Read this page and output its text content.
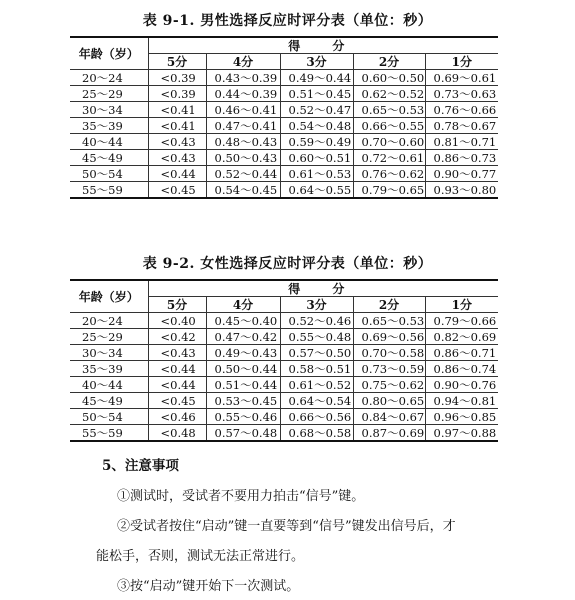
表 9-1. 男性选择反应时评分表（单位：秒）
年龄（岁）	得 分				
	5分	4分	3分	2分	1分
20～24	<0.39	0.43～0.39	0.49～0.44	0.60～0.50	0.69～0.61
25～29	<0.39	0.44～0.39	0.51～0.45	0.62～0.52	0.73～0.63
30～34	<0.41	0.46～0.41	0.52～0.47	0.65～0.53	0.76～0.66
35～39	<0.41	0.47～0.41	0.54～0.48	0.66～0.55	0.78～0.67
40～44	<0.43	0.48～0.43	0.59～0.49	0.70～0.60	0.81～0.71
45～49	<0.43	0.50～0.43	0.60～0.51	0.72～0.61	0.86～0.73
50～54	<0.44	0.52～0.44	0.61～0.53	0.76～0.62	0.90～0.77
55～59	<0.45	0.54～0.45	0.64～0.55	0.79～0.65	0.93～0.80
表 9-2. 女性选择反应时评分表（单位：秒）
年龄（岁）	得 分				
	5分	4分	3分	2分	1分
20～24	<0.40	0.45～0.40	0.52～0.46	0.65～0.53	0.79～0.66
25～29	<0.42	0.47～0.42	0.55～0.48	0.69～0.56	0.82～0.69
30～34	<0.43	0.49～0.43	0.57～0.50	0.70～0.58	0.86～0.71
35～39	<0.44	0.50～0.44	0.58～0.51	0.73～0.59	0.86～0.74
40～44	<0.44	0.51～0.44	0.61～0.52	0.75～0.62	0.90～0.76
45～49	<0.45	0.53～0.45	0.64～0.54	0.80～0.65	0.94～0.81
50～54	<0.46	0.55～0.46	0.66～0.56	0.84～0.67	0.96～0.85
55～59	<0.48	0.57～0.48	0.68～0.58	0.87～0.69	0.97～0.88
5、注意事项
①测试时，受试者不要用力拍击“信号”键。
②受试者按住“启动”键一直要等到“信号”键发出信号后，才
能松手，否则，测试无法正常进行。
③按“启动”键开始下一次测试。
